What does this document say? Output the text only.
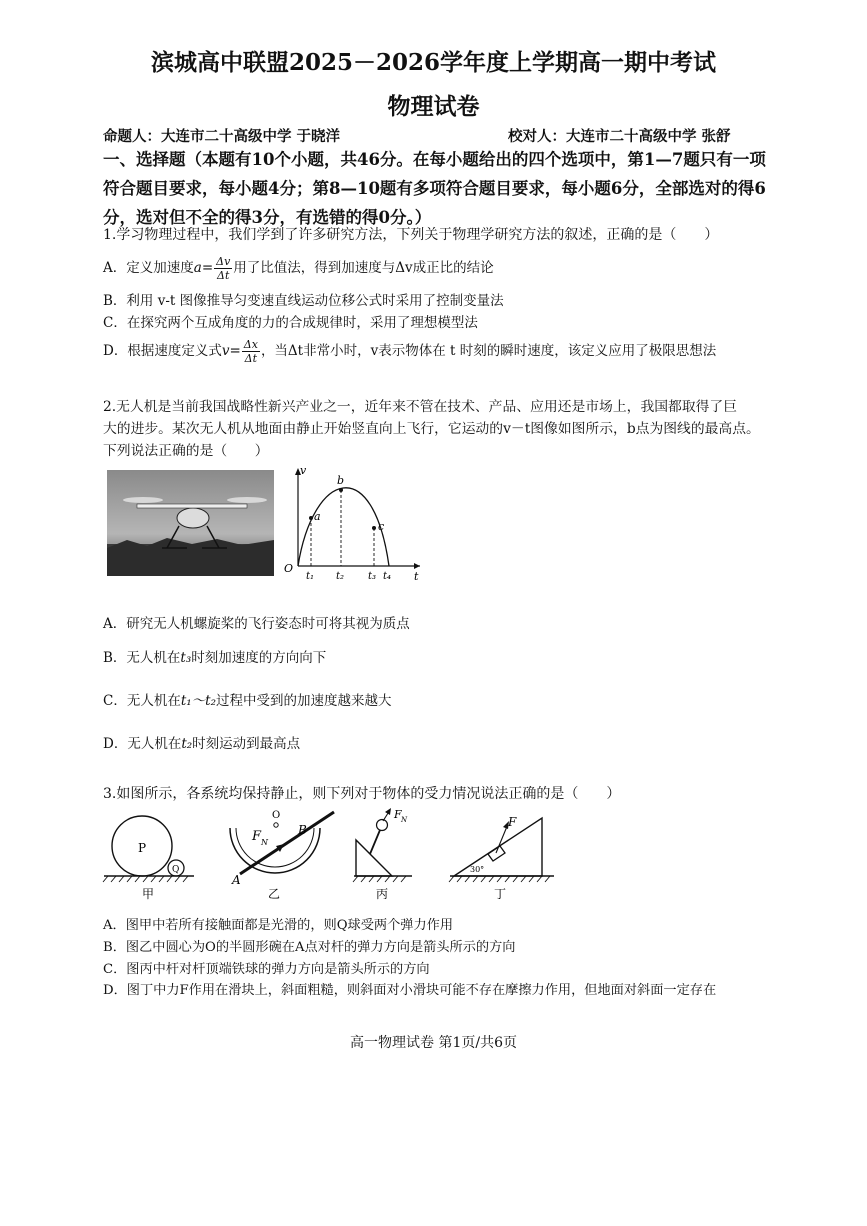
滨城高中联盟2025－2026学年度上学期高一期中考试
物理试卷
命题人：大连市二十高级中学 于晓洋	校对人：大连市二十高级中学 张舒
一、选择题（本题有10个小题，共46分。在每小题给出的四个选项中，第1—7题只有一项
符合题目要求，每小题4分；第8—10题有多项符合题目要求，每小题6分，全部选对的得6
分，选对但不全的得3分，有选错的得0分。）
1.学习物理过程中，我们学到了许多研究方法，下列关于物理学研究方法的叙述，正确的是（　　）
A．定义加速度$a= \frac{\Delta v}{\Delta t}$ 用了比值法，得到加速度与Δv成正比的结论
B．利用 v-t 图像推导匀变速直线运动位移公式时采用了控制变量法
C．在探究两个互成角度的力的合成规律时，采用了理想模型法
D．根据速度定义式$v= \frac{\Delta x}{\Delta t}$ ，当Δt非常小时，v表示物体在 t 时刻的瞬时速度，该定义应用了极限思想法
2.无人机是当前我国战略性新兴产业之一，近年来不管在技术、产品、应用还是市场上，我国都取得了巨
大的进步。某次无人机从地面由静止开始竖直向上飞行，它运动的v－t图像如图所示，b点为图线的最高点。
下列说法正确的是（　　）
v
t
O
a
b
c
t₁ t₂ t₃ t₄
A．研究无人机螺旋桨的飞行姿态时可将其视为质点
B．无人机在t₃时刻加速度的方向向下
C．无人机在t₁～t₂过程中受到的加速度越来越大
D．无人机在t₂时刻运动到最高点
3.如图所示，各系统均保持静止，则下列对于物体的受力情况说法正确的是（　　）
P
Q
甲
F N
O
B
A
乙
F N
丙
F
30°
丁
A．图甲中若所有接触面都是光滑的，则Q球受两个弹力作用
B．图乙中圆心为O的半圆形碗在A点对杆的弹力方向是箭头所示的方向
C．图丙中杆对杆顶端铁球的弹力方向是箭头所示的方向
D．图丁中力F作用在滑块上，斜面粗糙，则斜面对小滑块可能不存在摩擦力作用，但地面对斜面一定存在
高一物理试卷 第1页/共6页
